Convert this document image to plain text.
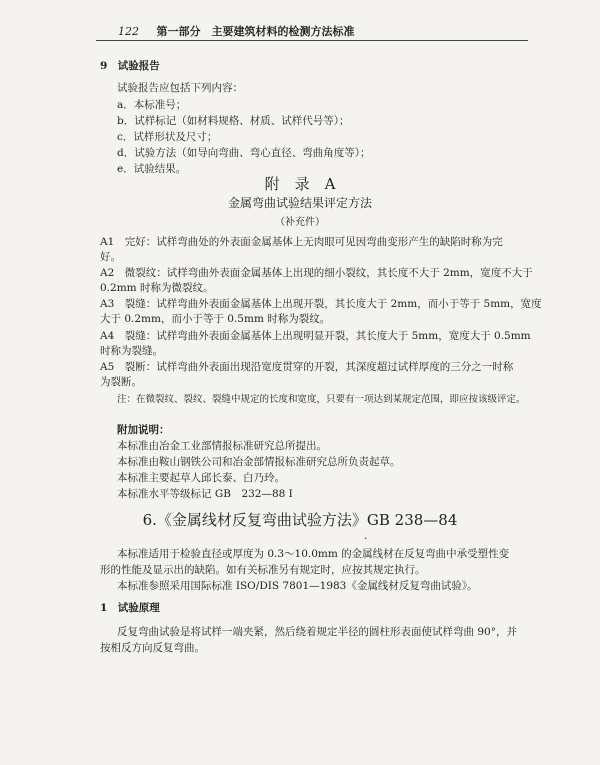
122 第一部分　主要建筑材料的检测方法标准
9　试验报告
试验报告应包括下列内容：
a．本标准号；
b．试样标记（如材料规格、材质、试样代号等）；
c．试样形状及尺寸；
d．试验方法（如导向弯曲、弯心直径、弯曲角度等）；
e．试验结果。
附　录　A
金属弯曲试验结果评定方法
（补充件）
A1　完好：试样弯曲处的外表面金属基体上无肉眼可见因弯曲变形产生的缺陷时称为完
好。
A2　微裂纹：试样弯曲外表面金属基体上出现的细小裂纹，其长度不大于 2mm，宽度不大于
0.2mm 时称为微裂纹。
A3　裂缝：试样弯曲外表面金属基体上出现开裂，其长度大于 2mm，而小于等于 5mm，宽度
大于 0.2mm，而小于等于 0.5mm 时称为裂纹。
A4　裂缝：试样弯曲外表面金属基体上出现明显开裂，其长度大于 5mm，宽度大于 0.5mm
时称为裂缝。
A5　裂断：试样弯曲外表面出现沿宽度贯穿的开裂，其深度超过试样厚度的三分之一时称
为裂断。
注：在微裂纹、裂纹、裂缝中规定的长度和宽度，只要有一项达到某规定范围，即应按该级评定。
附加说明：
本标准由冶金工业部情报标准研究总所提出。
本标准由鞍山钢铁公司和冶金部情报标准研究总所负责起草。
本标准主要起草人邱长泰、白乃玲。
本标准水平等级标记 GB　232—88 Ⅰ
6.《金属线材反复弯曲试验方法》GB 238—84
·
本标准适用于检验直径或厚度为 0.3～10.0mm 的金属线材在反复弯曲中承受塑性变
形的性能及显示出的缺陷。如有关标准另有规定时，应按其规定执行。
本标准参照采用国际标准 ISO/DIS 7801—1983《金属线材反复弯曲试验》。
1　试验原理
反复弯曲试验是将试样一端夹紧，然后绕着规定半径的圆柱形表面使试样弯曲 90°，并
按相反方向反复弯曲。
